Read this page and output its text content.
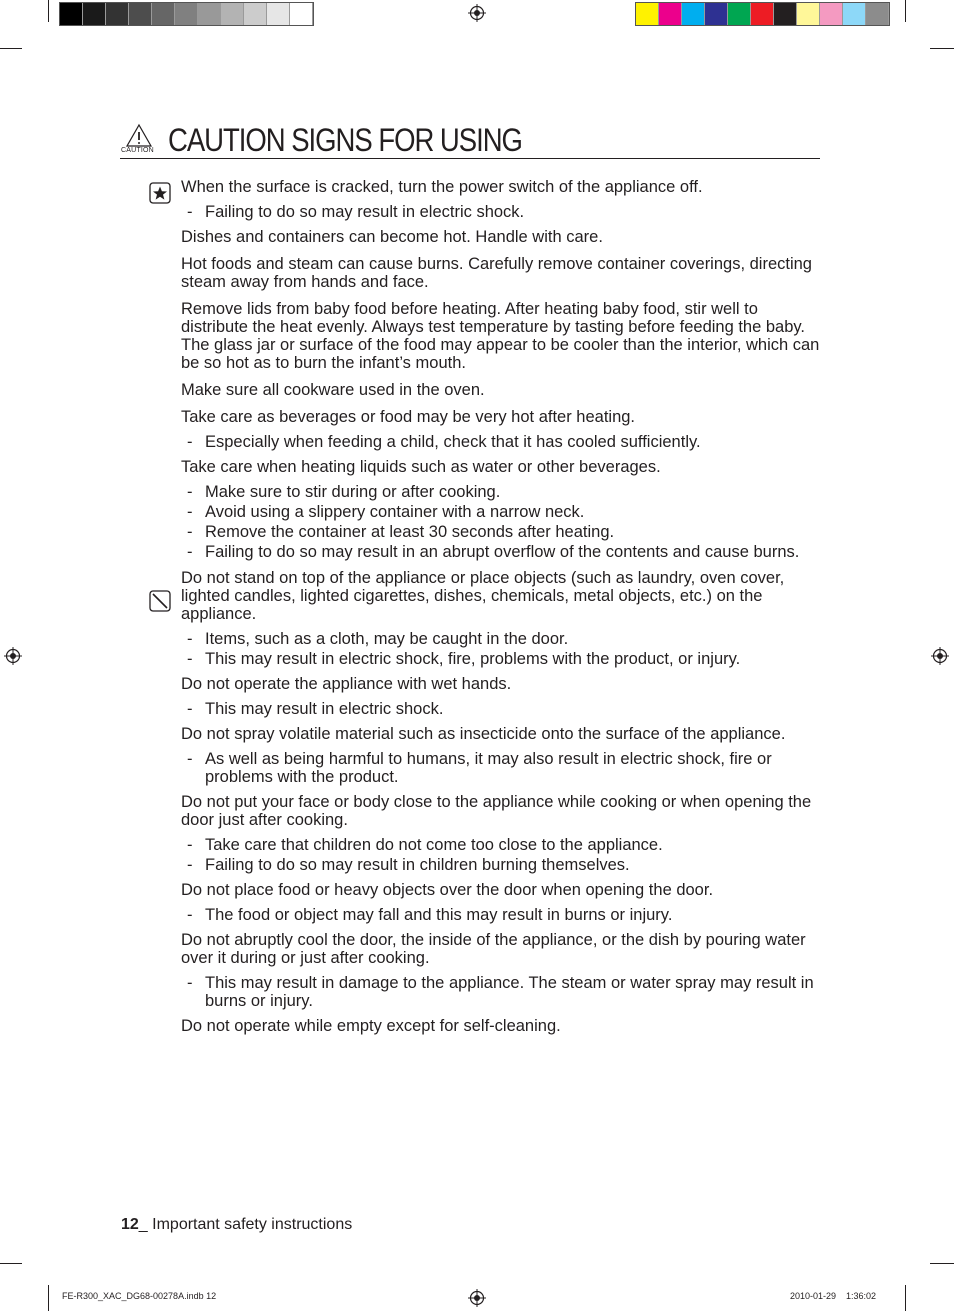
CAUTION CAUTION SIGNS FOR USING
When the surface is cracked, turn the power switch of the appliance off.
- Failing to do so may result in electric shock.
Dishes and containers can become hot. Handle with care.
Hot foods and steam can cause burns. Carefully remove container coverings, directing steam away from hands and face.
Remove lids from baby food before heating. After heating baby food, stir well to distribute the heat evenly. Always test temperature by tasting before feeding the baby. The glass jar or surface of the food may appear to be cooler than the interior, which can be so hot as to burn the infant’s mouth.
Make sure all cookware used in the oven.
Take care as beverages or food may be very hot after heating.
- Especially when feeding a child, check that it has cooled sufficiently.
Take care when heating liquids such as water or other beverages.
- Make sure to stir during or after cooking.
- Avoid using a slippery container with a narrow neck.
- Remove the container at least 30 seconds after heating.
- Failing to do so may result in an abrupt overflow of the contents and cause burns.
Do not stand on top of the appliance or place objects (such as laundry, oven cover, lighted candles, lighted cigarettes, dishes, chemicals, metal objects, etc.) on the appliance.
- Items, such as a cloth, may be caught in the door.
- This may result in electric shock, fire, problems with the product, or injury.
Do not operate the appliance with wet hands.
- This may result in electric shock.
Do not spray volatile material such as insecticide onto the surface of the appliance.
- As well as being harmful to humans, it may also result in electric shock, fire or problems with the product.
Do not put your face or body close to the appliance while cooking or when opening the door just after cooking.
- Take care that children do not come too close to the appliance.
- Failing to do so may result in children burning themselves.
Do not place food or heavy objects over the door when opening the door.
- The food or object may fall and this may result in burns or injury.
Do not abruptly cool the door, the inside of the appliance, or the dish by pouring water over it during or just after cooking.
- This may result in damage to the appliance. The steam or water spray may result in burns or injury.
Do not operate while empty except for self-cleaning.
12_ Important safety instructions
FE-R300_XAC_DG68-00278A.indb 12	2010-01-29    1:36:02
